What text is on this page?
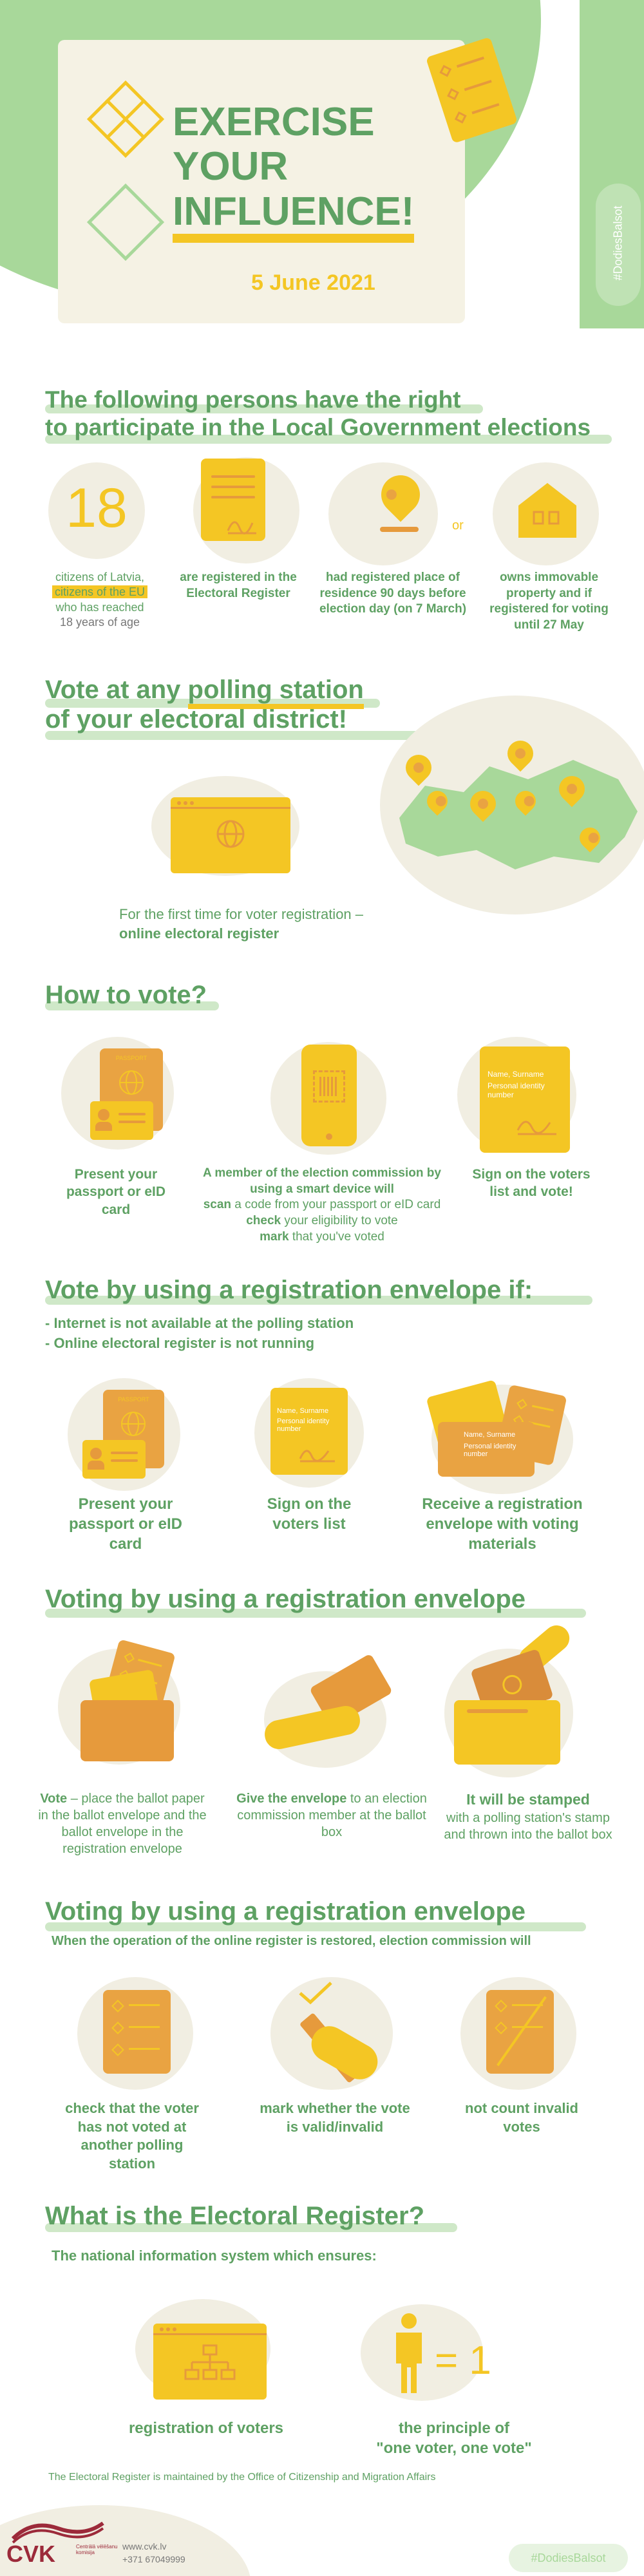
EXERCISE
YOUR
INFLUENCE!
5 June 2021
#DodiesBalsot
The following persons have the right
to participate in the Local Government elections
18
citizens of Latvia,
citizens of the EU
who has reached
18 years of age
are registered in the Electoral Register
had registered place of residence 90 days before election day (on 7 March)
or
owns immovable property and if registered for voting until 27 May
Vote at any polling station
of your electoral district!
For the first time for voter registration –
online electoral register
How to vote?
PASSPORT
Present your passport or eID card
A member of the election commission by using a smart device will
scan a code from your passport or eID card
check your eligibility to vote
mark that you've voted
Name, Surname
Personal identity number
Sign on the voters list and vote!
Vote by using a registration envelope if:
- Internet is not available at the polling station
- Online electoral register is not running
PASSPORT
Present your passport or eID card
Name, Surname
Personal identity number
Sign on the voters list
Name, Surname
Personal identity number
Receive a registration envelope with voting materials
Voting by using a registration envelope
Vote – place the ballot paper in the ballot envelope and the ballot envelope in the registration envelope
Give the envelope to an election commission member at the ballot box
It will be stamped
with a polling station's stamp and thrown into the ballot box
Voting by using a registration envelope
When the operation of the online register is restored, election commission will
check that the voter has not voted at another polling station
mark whether the vote is valid/invalid
not count invalid votes
What is the Electoral Register?
The national information system which ensures:
registration of voters
= 1
the principle of
"one voter, one vote"
The Electoral Register is maintained by the Office of Citizenship and Migration Affairs
CVK	Centrālā vēlēšanu komisija
www.cvk.lv
+371 67049999	#DodiesBalsot
